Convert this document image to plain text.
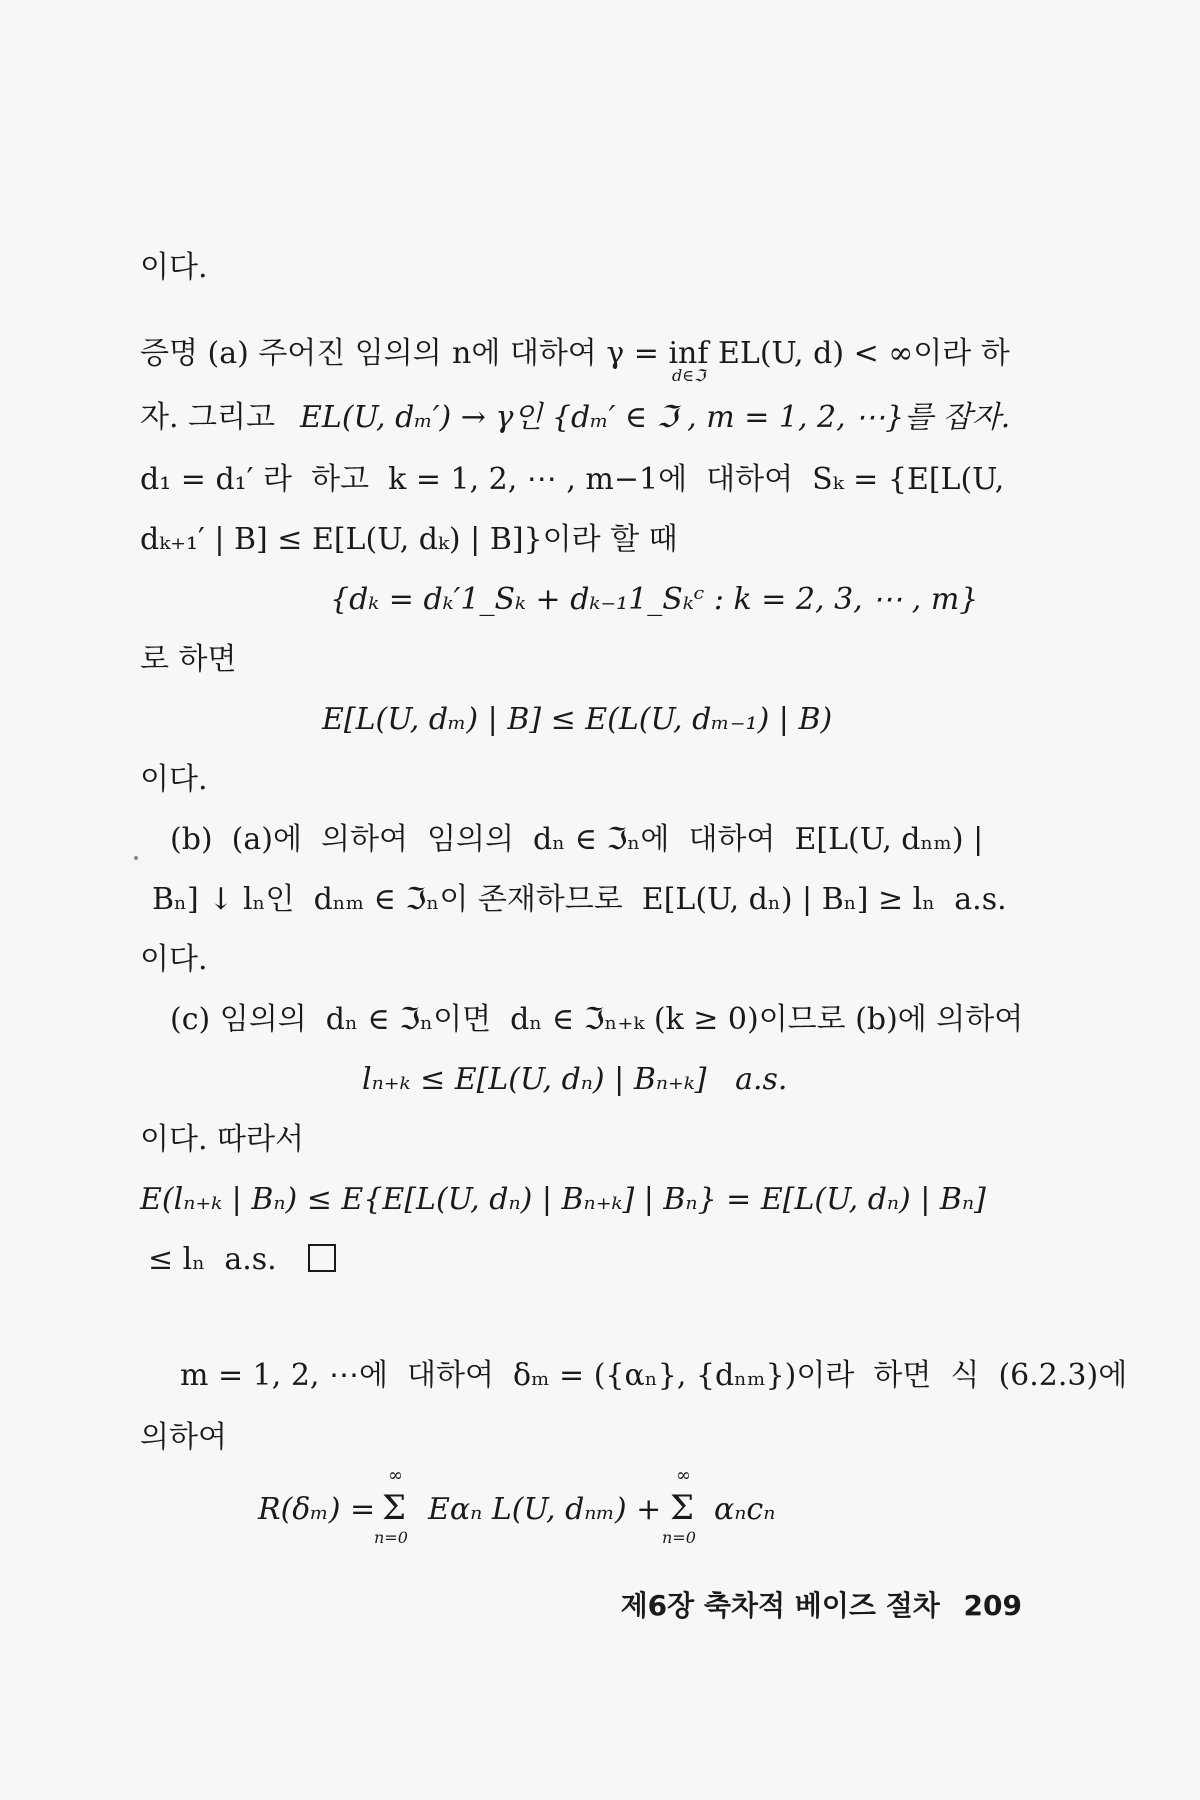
이다.
증명 (a) 주어진 임의의 n에 대하여 γ = inf EL(U, d) < ∞이라 하
d∈ℑ
자. 그리고 EL(U, dₘ′) → γ인 {dₘ′ ∈ ℑ , m = 1, 2, ⋯}를 잡자.
d₁ = d₁′ 라  하고  k = 1, 2, ⋯ , m−1에  대하여  Sₖ = {E[L(U,
dₖ₊₁′ | B] ≤ E[L(U, dₖ) | B]}이라 할 때
{dₖ = dₖ′1_Sₖ + dₖ₋₁1_Sₖᶜ : k = 2, 3, ⋯ , m}
로 하면
E[L(U, dₘ) | B] ≤ E(L(U, dₘ₋₁) | B)
이다.
(b)  (a)에  의하여  임의의  dₙ ∈ ℑₙ에  대하여  E[L(U, dₙₘ) |
Bₙ] ↓ lₙ인  dₙₘ ∈ ℑₙ이 존재하므로  E[L(U, dₙ) | Bₙ] ≥ lₙ  a.s.
이다.
(c) 임의의  dₙ ∈ ℑₙ이면  dₙ ∈ ℑₙ₊ₖ (k ≥ 0)이므로 (b)에 의하여
lₙ₊ₖ ≤ E[L(U, dₙ) | Bₙ₊ₖ]   a.s.
이다. 따라서
E(lₙ₊ₖ | Bₙ) ≤ E{E[L(U, dₙ) | Bₙ₊ₖ] | Bₙ} = E[L(U, dₙ) | Bₙ]
≤ lₙ  a.s.
m = 1, 2, ⋯에  대하여  δₘ = ({αₙ}, {dₙₘ})이라  하면  식  (6.2.3)에
의하여
R(δₘ) =
∞
Σ
n=0
Eαₙ L(U, dₙₘ) +
∞
Σ
n=0
αₙcₙ
제6장 축차적 베이즈 절차 209
